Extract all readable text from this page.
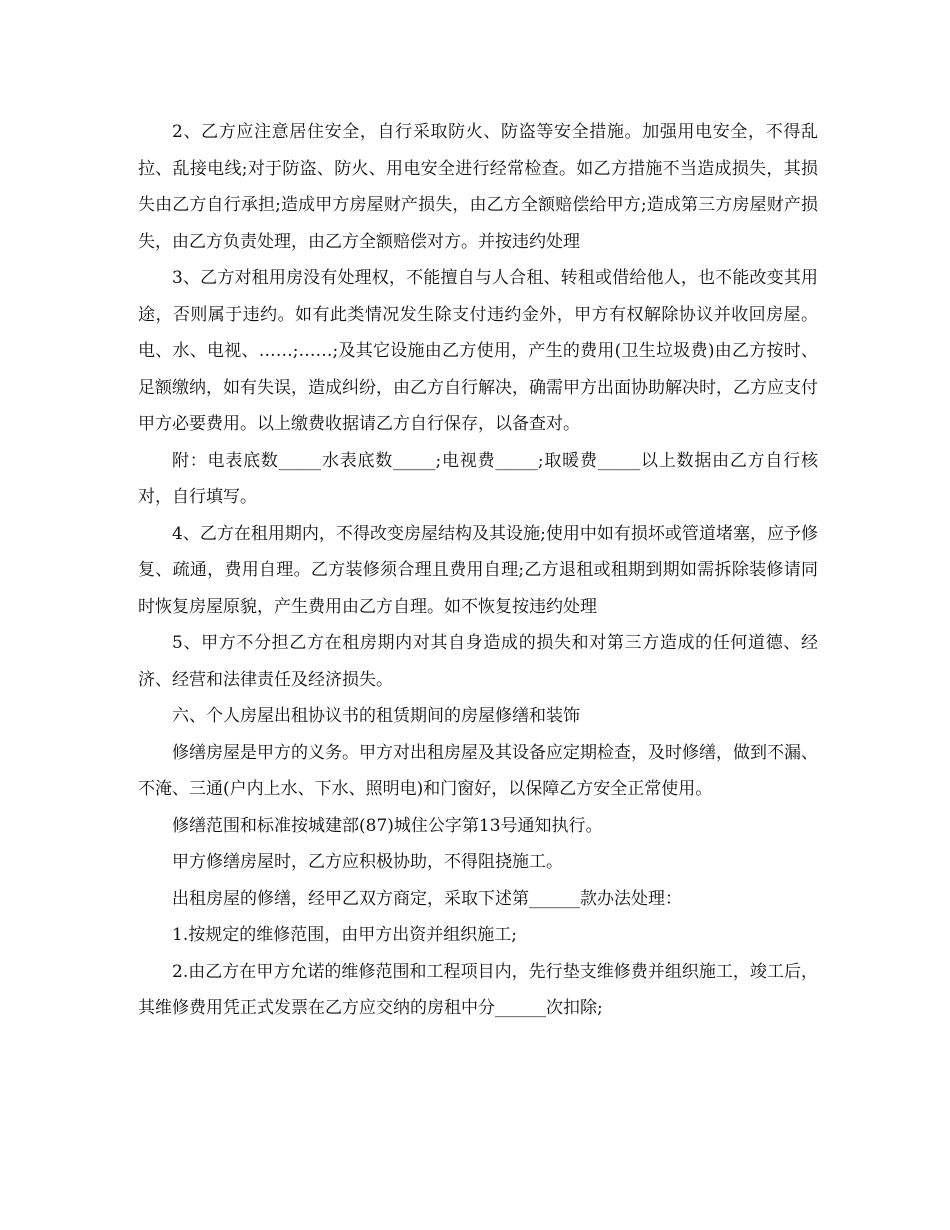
2、乙方应注意居住安全，自行采取防火、防盗等安全措施。加强用电安全，不得乱拉、乱接电线;对于防盗、防火、用电安全进行经常检查。如乙方措施不当造成损失，其损失由乙方自行承担;造成甲方房屋财产损失，由乙方全额赔偿给甲方;造成第三方房屋财产损失，由乙方负责处理，由乙方全额赔偿对方。并按违约处理

3、乙方对租用房没有处理权，不能擅自与人合租、转租或借给他人，也不能改变其用途，否则属于违约。如有此类情况发生除支付违约金外，甲方有权解除协议并收回房屋。电、水、电视、……;……;及其它设施由乙方使用，产生的费用(卫生垃圾费)由乙方按时、足额缴纳，如有失误，造成纠纷，由乙方自行解决，确需甲方出面协助解决时，乙方应支付甲方必要费用。以上缴费收据请乙方自行保存，以备查对。

附：电表底数_____水表底数_____;电视费_____;取暖费_____以上数据由乙方自行核对，自行填写。

4、乙方在租用期内，不得改变房屋结构及其设施;使用中如有损坏或管道堵塞，应予修复、疏通，费用自理。乙方装修须合理且费用自理;乙方退租或租期到期如需拆除装修请同时恢复房屋原貌，产生费用由乙方自理。如不恢复按违约处理

5、甲方不分担乙方在租房期内对其自身造成的损失和对第三方造成的任何道德、经济、经营和法律责任及经济损失。

六、个人房屋出租协议书的租赁期间的房屋修缮和装饰

修缮房屋是甲方的义务。甲方对出租房屋及其设备应定期检查，及时修缮，做到不漏、不淹、三通(户内上水、下水、照明电)和门窗好，以保障乙方安全正常使用。

修缮范围和标准按城建部(87)城住公字第13号通知执行。

甲方修缮房屋时，乙方应积极协助，不得阻挠施工。

出租房屋的修缮，经甲乙双方商定，采取下述第______款办法处理：

1.按规定的维修范围，由甲方出资并组织施工;

2.由乙方在甲方允诺的维修范围和工程项目内，先行垫支维修费并组织施工，竣工后，其维修费用凭正式发票在乙方应交纳的房租中分______次扣除;
